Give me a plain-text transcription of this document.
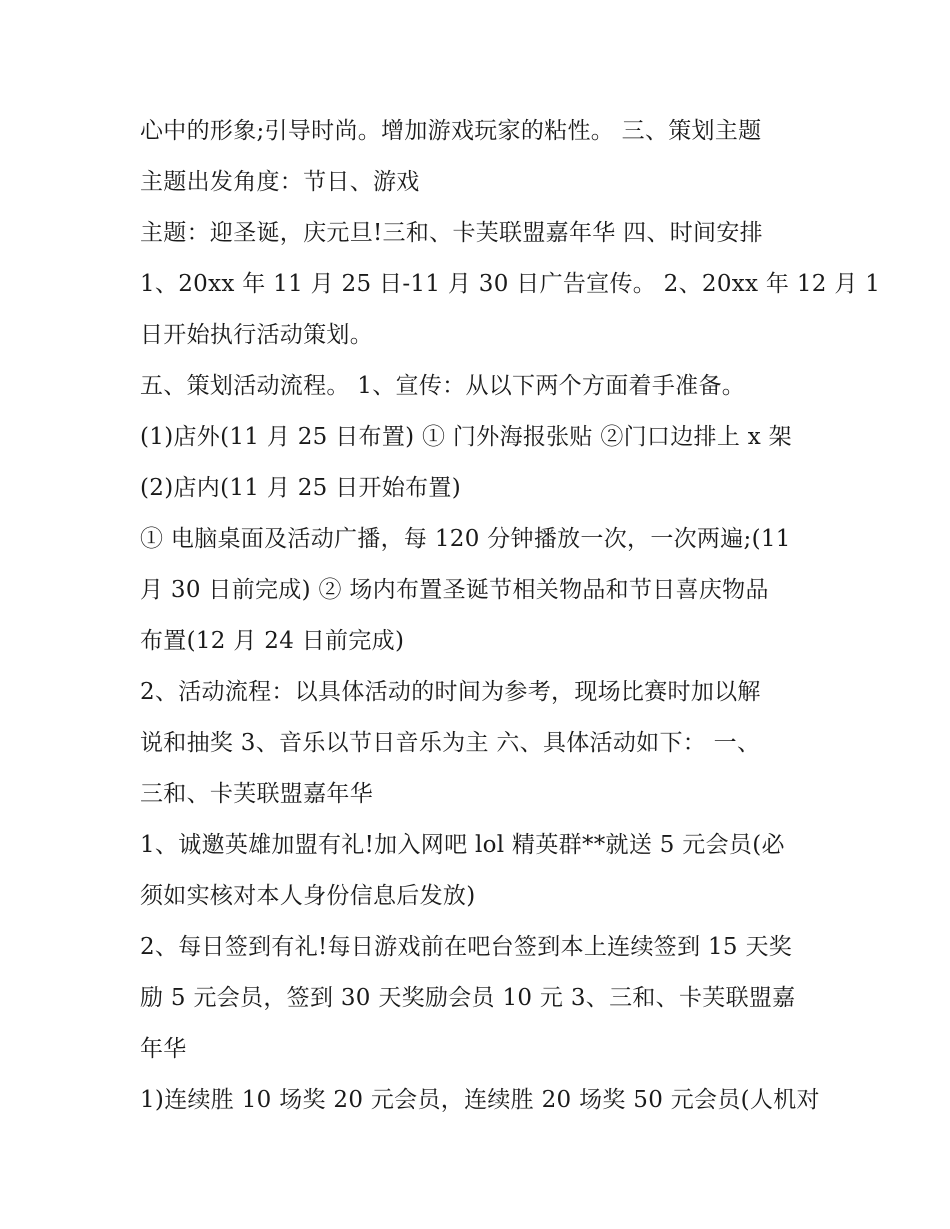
心中的形象;引导时尚。增加游戏玩家的粘性。 三、策划主题
主题出发角度：节日、游戏
主题：迎圣诞，庆元旦!三和、卡芙联盟嘉年华 四、时间安排
1、20xx 年 11 月 25 日-11 月 30 日广告宣传。 2、20xx 年 12 月 1
日开始执行活动策划。
五、策划活动流程。 1、宣传：从以下两个方面着手准备。
(1)店外(11 月 25 日布置) ① 门外海报张贴 ②门口边排上 x 架
(2)店内(11 月 25 日开始布置)
① 电脑桌面及活动广播，每 120 分钟播放一次，一次两遍;(11
月 30 日前完成) ② 场内布置圣诞节相关物品和节日喜庆物品
布置(12 月 24 日前完成)
2、活动流程：以具体活动的时间为参考，现场比赛时加以解
说和抽奖 3、音乐以节日音乐为主 六、具体活动如下： 一、
三和、卡芙联盟嘉年华
1、诚邀英雄加盟有礼!加入网吧 lol 精英群**就送 5 元会员(必
须如实核对本人身份信息后发放)
2、每日签到有礼!每日游戏前在吧台签到本上连续签到 15 天奖
励 5 元会员，签到 30 天奖励会员 10 元 3、三和、卡芙联盟嘉
年华
1)连续胜 10 场奖 20 元会员，连续胜 20 场奖 50 元会员(人机对
